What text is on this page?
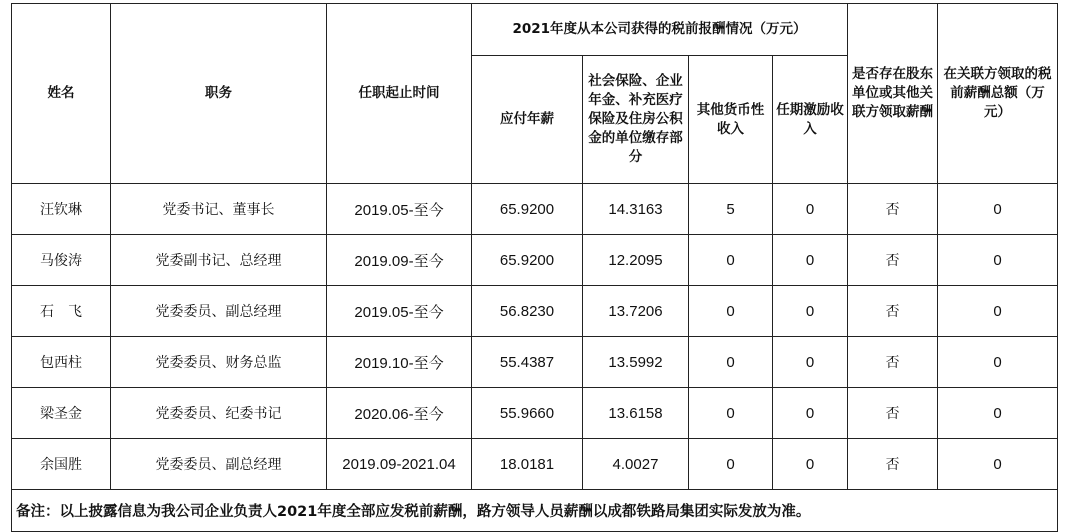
姓名	职务	任职起止时间	2021年度从本公司获得的税前报酬情况（万元）				是否存在股东单位或其他关联方领取薪酬	在关联方领取的税前薪酬总额（万元）
			应付年薪	社会保险、企业年金、补充医疗保险及住房公积金的单位缴存部分	其他货币性收入	任期激励收入		
汪钦琳	党委书记、董事长	2019.05-至今	65.9200	14.3163	5	0	否	0
马俊涛	党委副书记、总经理	2019.09-至今	65.9200	12.2095	0	0	否	0
石　飞	党委委员、副总经理	2019.05-至今	56.8230	13.7206	0	0	否	0
包西柱	党委委员、财务总监	2019.10-至今	55.4387	13.5992	0	0	否	0
梁圣金	党委委员、纪委书记	2020.06-至今	55.9660	13.6158	0	0	否	0
余国胜	党委委员、副总经理	2019.09-2021.04	18.0181	4.0027	0	0	否	0
备注：以上披露信息为我公司企业负责人2021年度全部应发税前薪酬，路方领导人员薪酬以成都铁路局集团实际发放为准。								
